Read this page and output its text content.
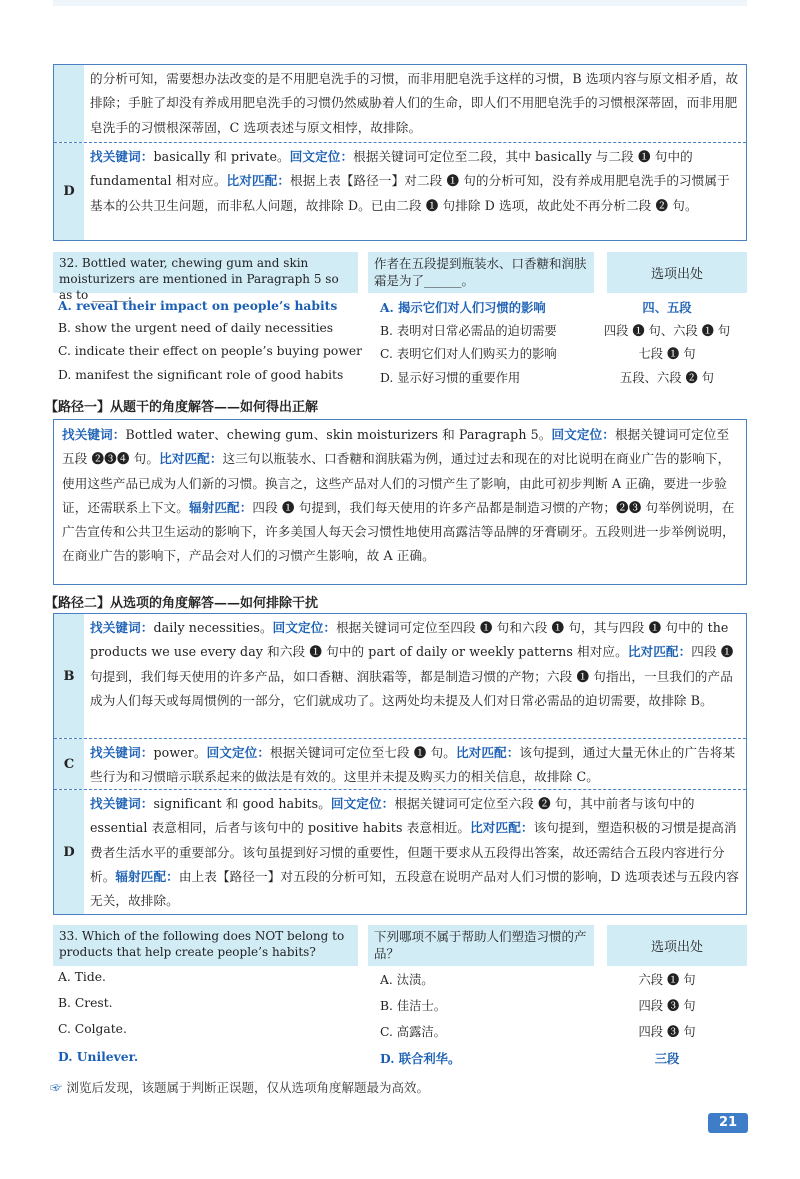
的分析可知，需要想办法改变的是不用肥皂洗手的习惯，而非用肥皂洗手这样的习惯，B 选项内容与原文相矛盾，故排除；手脏了却没有养成用肥皂洗手的习惯仍然威胁着人们的生命，即人们不用肥皂洗手的习惯根深蒂固，而非用肥皂洗手的习惯根深蒂固，C 选项表述与原文相悖，故排除。
D
找关键词：basically 和 private。回文定位：根据关键词可定位至二段，其中 basically 与二段 ❶ 句中的 fundamental 相对应。比对匹配：根据上表【路径一】对二段 ❶ 句的分析可知，没有养成用肥皂洗手的习惯属于基本的公共卫生问题，而非私人问题，故排除 D。已由二段 ❶ 句排除 D 选项，故此处不再分析二段 ❷ 句。
32. Bottled water, chewing gum and skin moisturizers are mentioned in Paragraph 5 so as to ______.
作者在五段提到瓶装水、口香糖和润肤霜是为了______。	选项出处
A. reveal their impact on people’s habits	A. 揭示它们对人们习惯的影响	四、五段
B. show the urgent need of daily necessities	B. 表明对日常必需品的迫切需要	四段 ❶ 句、六段 ❶ 句
C. indicate their effect on people’s buying power C. 表明它们对人们购买力的影响	七段 ❶ 句
D. manifest the significant role of good habits	D. 显示好习惯的重要作用	五段、六段 ❷ 句
【路径一】从题干的角度解答——如何得出正解
找关键词：Bottled water、chewing gum、skin moisturizers 和 Paragraph 5。回文定位：根据关键词可定位至五段 ❷❸❹ 句。比对匹配：这三句以瓶装水、口香糖和润肤霜为例，通过过去和现在的对比说明在商业广告的影响下，使用这些产品已成为人们新的习惯。换言之，这些产品对人们的习惯产生了影响，由此可初步判断 A 正确，要进一步验证，还需联系上下文。辐射匹配：四段 ❶ 句提到，我们每天使用的许多产品都是制造习惯的产物；❷❸ 句举例说明，在广告宣传和公共卫生运动的影响下，许多美国人每天会习惯性地使用高露洁等品牌的牙膏刷牙。五段则进一步举例说明，在商业广告的影响下，产品会对人们的习惯产生影响，故 A 正确。
【路径二】从选项的角度解答——如何排除干扰
B
找关键词：daily necessities。回文定位：根据关键词可定位至四段 ❶ 句和六段 ❶ 句，其与四段 ❶ 句中的 the products we use every day 和六段 ❶ 句中的 part of daily or weekly patterns 相对应。比对匹配：四段 ❶ 句提到，我们每天使用的许多产品，如口香糖、润肤霜等，都是制造习惯的产物；六段 ❶ 句指出，一旦我们的产品成为人们每天或每周惯例的一部分，它们就成功了。这两处均未提及人们对日常必需品的迫切需要，故排除 B。
C
找关键词：power。回文定位：根据关键词可定位至七段 ❶ 句。比对匹配：该句提到，通过大量无休止的广告将某些行为和习惯暗示联系起来的做法是有效的。这里并未提及购买力的相关信息，故排除 C。
D
找关键词：significant 和 good habits。回文定位：根据关键词可定位至六段 ❷ 句，其中前者与该句中的 essential 表意相同，后者与该句中的 positive habits 表意相近。比对匹配：该句提到，塑造积极的习惯是提高消费者生活水平的重要部分。该句虽提到好习惯的重要性，但题干要求从五段得出答案，故还需结合五段内容进行分析。辐射匹配：由上表【路径一】对五段的分析可知，五段意在说明产品对人们习惯的影响，D 选项表述与五段内容无关，故排除。
33. Which of the following does NOT belong to products that help create people’s habits?
下列哪项不属于帮助人们塑造习惯的产品？	选项出处
A. Tide.	A. 汰渍。	六段 ❶ 句
B. Crest.	B. 佳洁士。	四段 ❸ 句
C. Colgate.	C. 高露洁。	四段 ❸ 句
D. Unilever.	D. 联合利华。	三段
☞ 浏览后发现，该题属于判断正误题，仅从选项角度解题最为高效。
21
